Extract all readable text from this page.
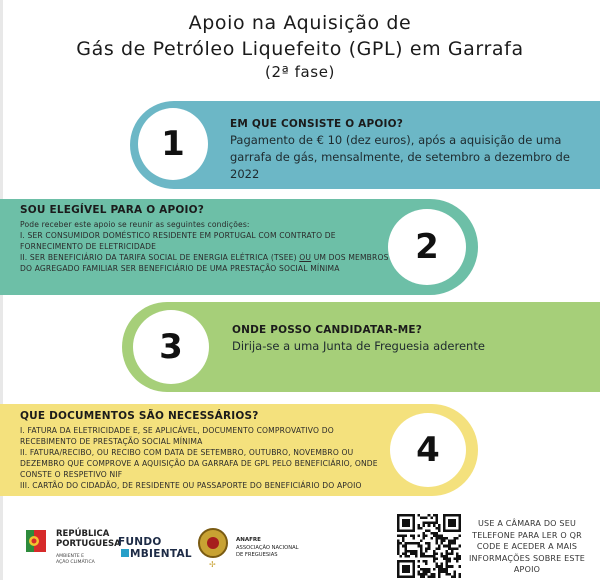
Apoio na Aquisição de
Gás de Petróleo Liquefeito (GPL) em Garrafa
(2ª fase)
1	EM QUE CONSISTE O APOIO?
Pagamento de € 10 (dez euros), após a aquisição de uma garrafa de gás, mensalmente, de setembro a dezembro de 2022
2
SOU ELEGÍVEL PARA O APOIO?
Pode receber este apoio se reunir as seguintes condições:
I. SER CONSUMIDOR DOMÉSTICO RESIDENTE EM PORTUGAL COM CONTRATO DE FORNECIMENTO DE ELETRICIDADE
II. SER BENEFICIÁRIO DA TARIFA SOCIAL DE ENERGIA ELÉTRICA (TSEE) OU UM DOS MEMBROS DO AGREGADO FAMILIAR SER BENEFICIÁRIO DE UMA PRESTAÇÃO SOCIAL MÍNIMA
3	ONDE POSSO CANDIDATAR-ME?
Dirija-se a uma Junta de Freguesia aderente
4
QUE DOCUMENTOS SÃO NECESSÁRIOS?
I. FATURA DA ELETRICIDADE E, SE APLICÁVEL, DOCUMENTO COMPROVATIVO DO RECEBIMENTO DE PRESTAÇÃO SOCIAL MÍNIMA
II. FATURA/RECIBO, OU RECIBO COM DATA DE SETEMBRO, OUTUBRO, NOVEMBRO OU DEZEMBRO QUE COMPROVE A AQUISIÇÃO DA GARRAFA DE GPL PELO BENEFICIÁRIO, ONDE CONSTE O RESPETIVO NIF
III. CARTÃO DO CIDADÃO, DE RESIDENTE OU PASSAPORTE DO BENEFICIÁRIO DO APOIO
REPÚBLICA
PORTUGUESA
AMBIENTE E
AÇÃO CLIMÁTICA
FUNDO
MBIENTAL
✢
ANAFRE
ASSOCIAÇÃO NACIONAL
DE FREGUESIAS
USE A CÂMARA DO SEU TELEFONE PARA LER O QR CODE E ACEDER A MAIS INFORMAÇÕES SOBRE ESTE APOIO
